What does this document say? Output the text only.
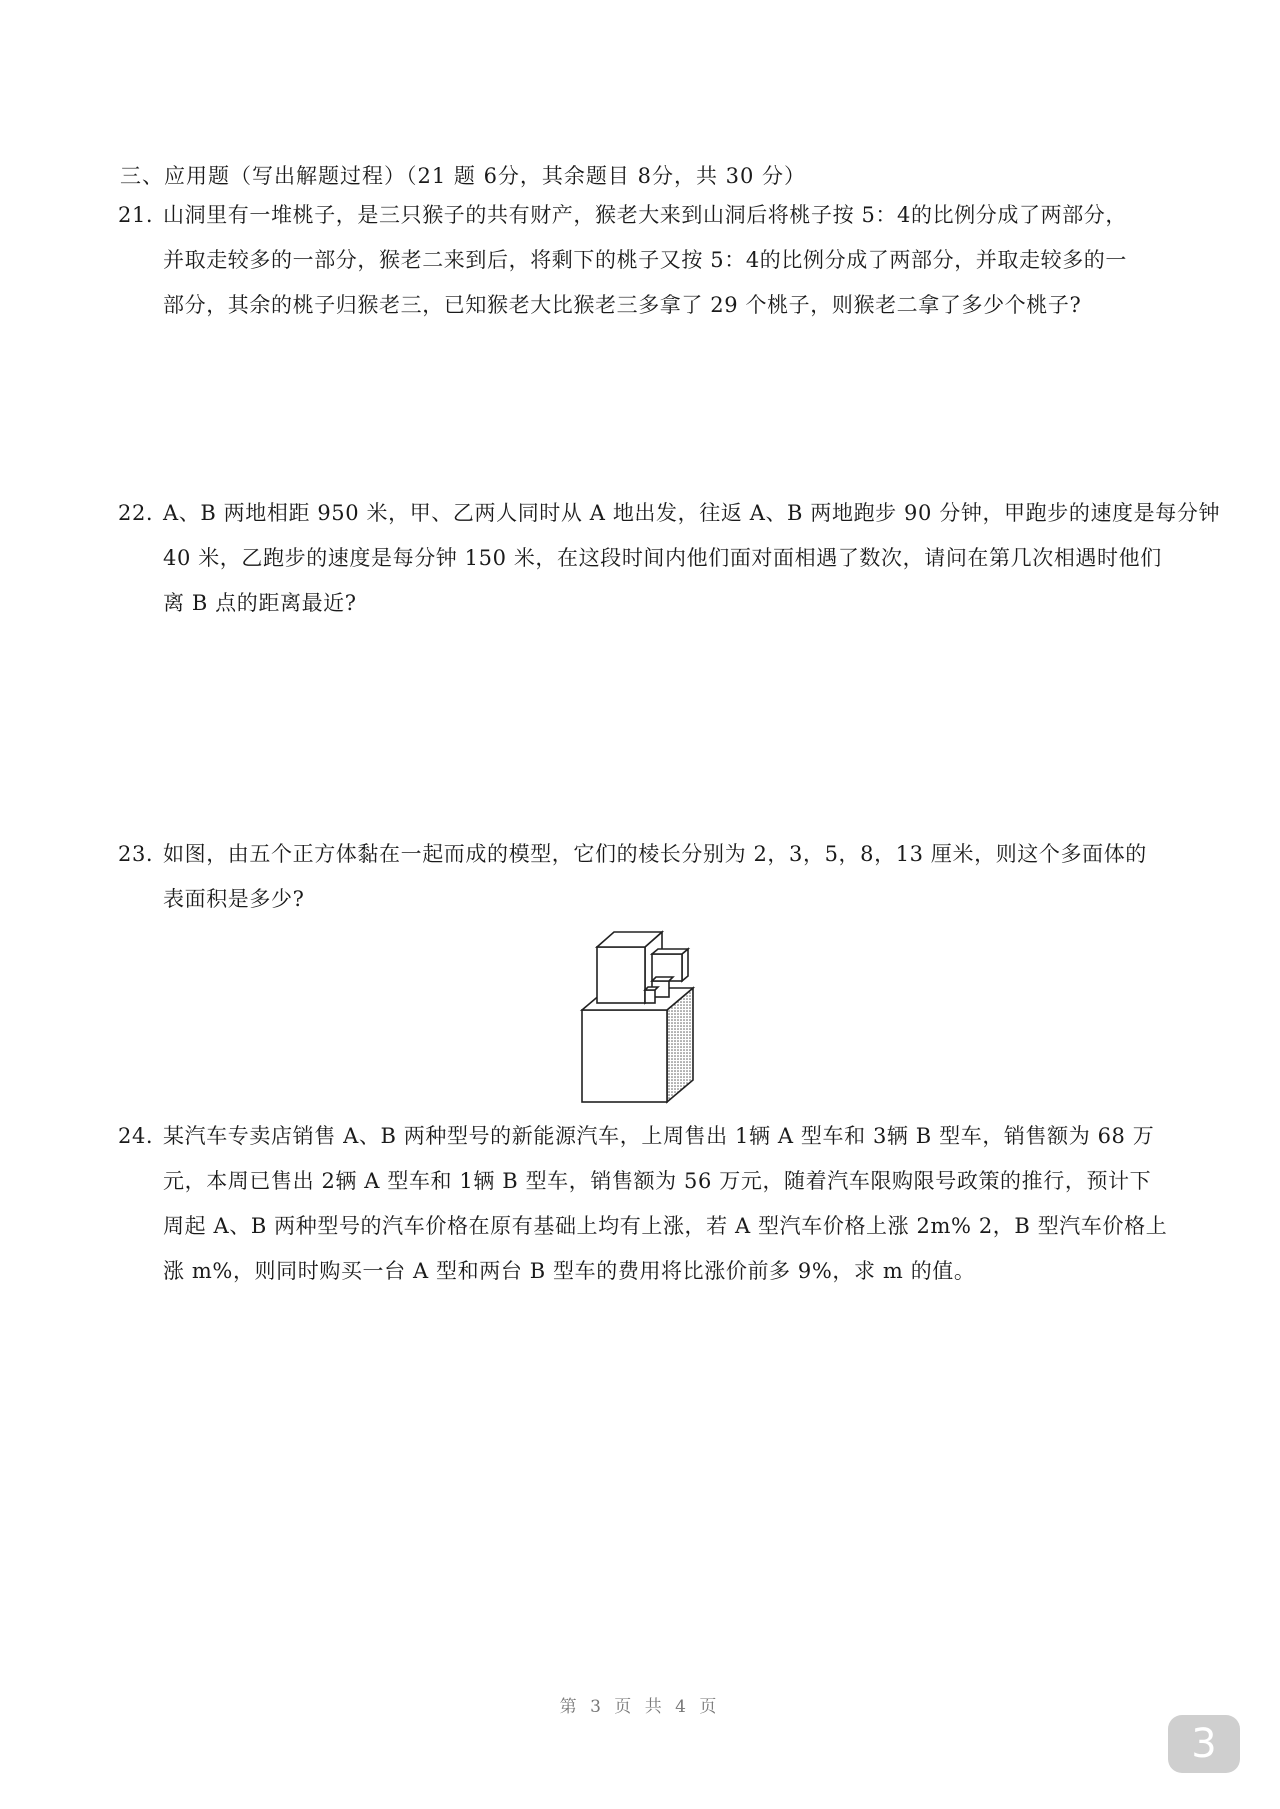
三、应用题（写出解题过程）（21 题 6分，其余题目 8分，共 30 分）
21. 山洞里有一堆桃子，是三只猴子的共有财产，猴老大来到山洞后将桃子按 5：4的比例分成了两部分，
并取走较多的一部分，猴老二来到后，将剩下的桃子又按 5：4的比例分成了两部分，并取走较多的一
部分，其余的桃子归猴老三，已知猴老大比猴老三多拿了 29 个桃子，则猴老二拿了多少个桃子?
22. A、B 两地相距 950 米，甲、乙两人同时从 A 地出发，往返 A、B 两地跑步 90 分钟，甲跑步的速度是每分钟
40 米，乙跑步的速度是每分钟 150 米，在这段时间内他们面对面相遇了数次，请问在第几次相遇时他们
离 B 点的距离最近?
23. 如图，由五个正方体黏在一起而成的模型，它们的棱长分别为 2，3，5，8，13 厘米，则这个多面体的
表面积是多少?
24. 某汽车专卖店销售 A、B 两种型号的新能源汽车，上周售出 1辆 A 型车和 3辆 B 型车，销售额为 68 万
元，本周已售出 2辆 A 型车和 1辆 B 型车，销售额为 56 万元，随着汽车限购限号政策的推行，预计下
周起 A、B 两种型号的汽车价格在原有基础上均有上涨，若 A 型汽车价格上涨 2m% 2，B 型汽车价格上
涨 m%，则同时购买一台 A 型和两台 B 型车的费用将比涨价前多 9%，求 m 的值。
第 3 页 共 4 页
3
